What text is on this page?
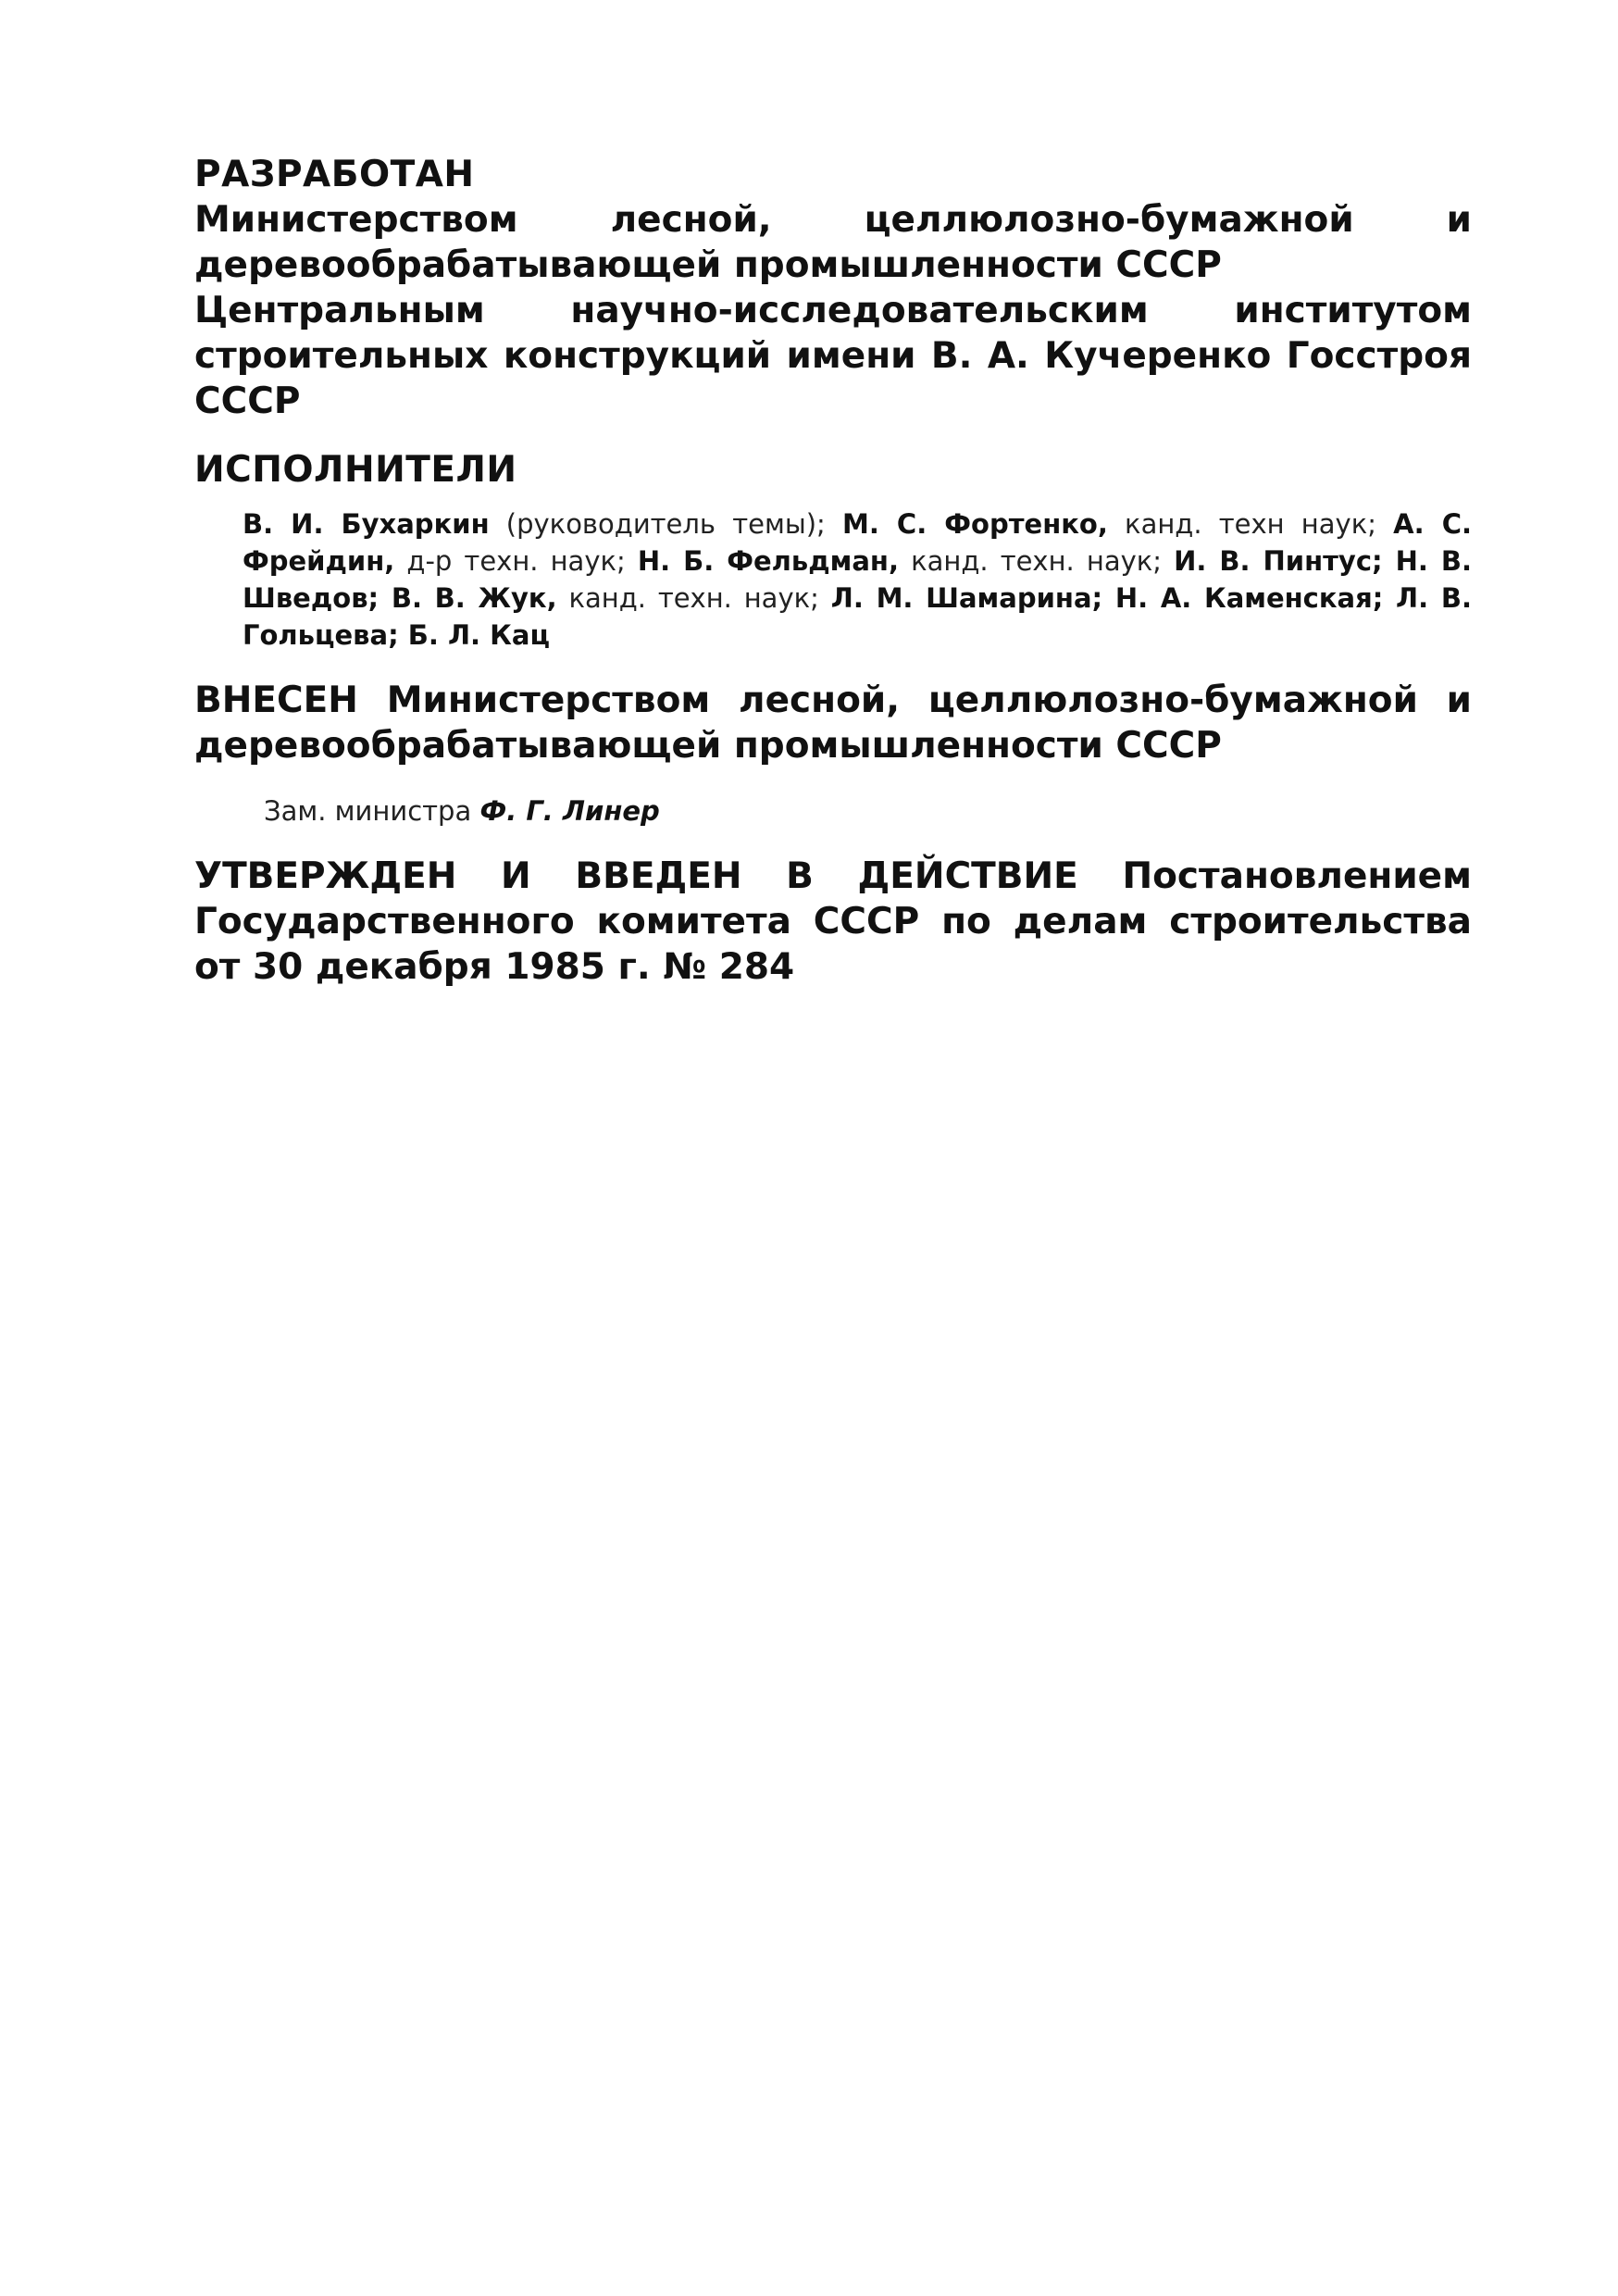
РАЗРАБОТАН

Министерством лесной, целлюлозно-бумажной и деревообрабатывающей промышленности СССР

Центральным научно-исследовательским институтом строительных конструкций имени В. А. Кучеренко Госстроя СССР

ИСПОЛНИТЕЛИ

В. И. Бухаркин (руководитель темы); М. С. Фортенко, канд. техн наук; А. С. Фрейдин, д-р техн. наук; Н. Б. Фельдман, канд. техн. наук; И. В. Пинтус; Н. В. Шведов; В. В. Жук, канд. техн. наук; Л. М. Шамарина; Н. А. Каменская; Л. В. Гольцева; Б. Л. Кац

ВНЕСЕН Министерством лесной, целлюлозно-бумажной и деревообрабатывающей промышленности СССР

Зам. министра Ф. Г. Линер

УТВЕРЖДЕН И ВВЕДЕН В ДЕЙСТВИЕ Постановлением Государственного комитета СССР по делам строительства от 30 декабря 1985 г. № 284
